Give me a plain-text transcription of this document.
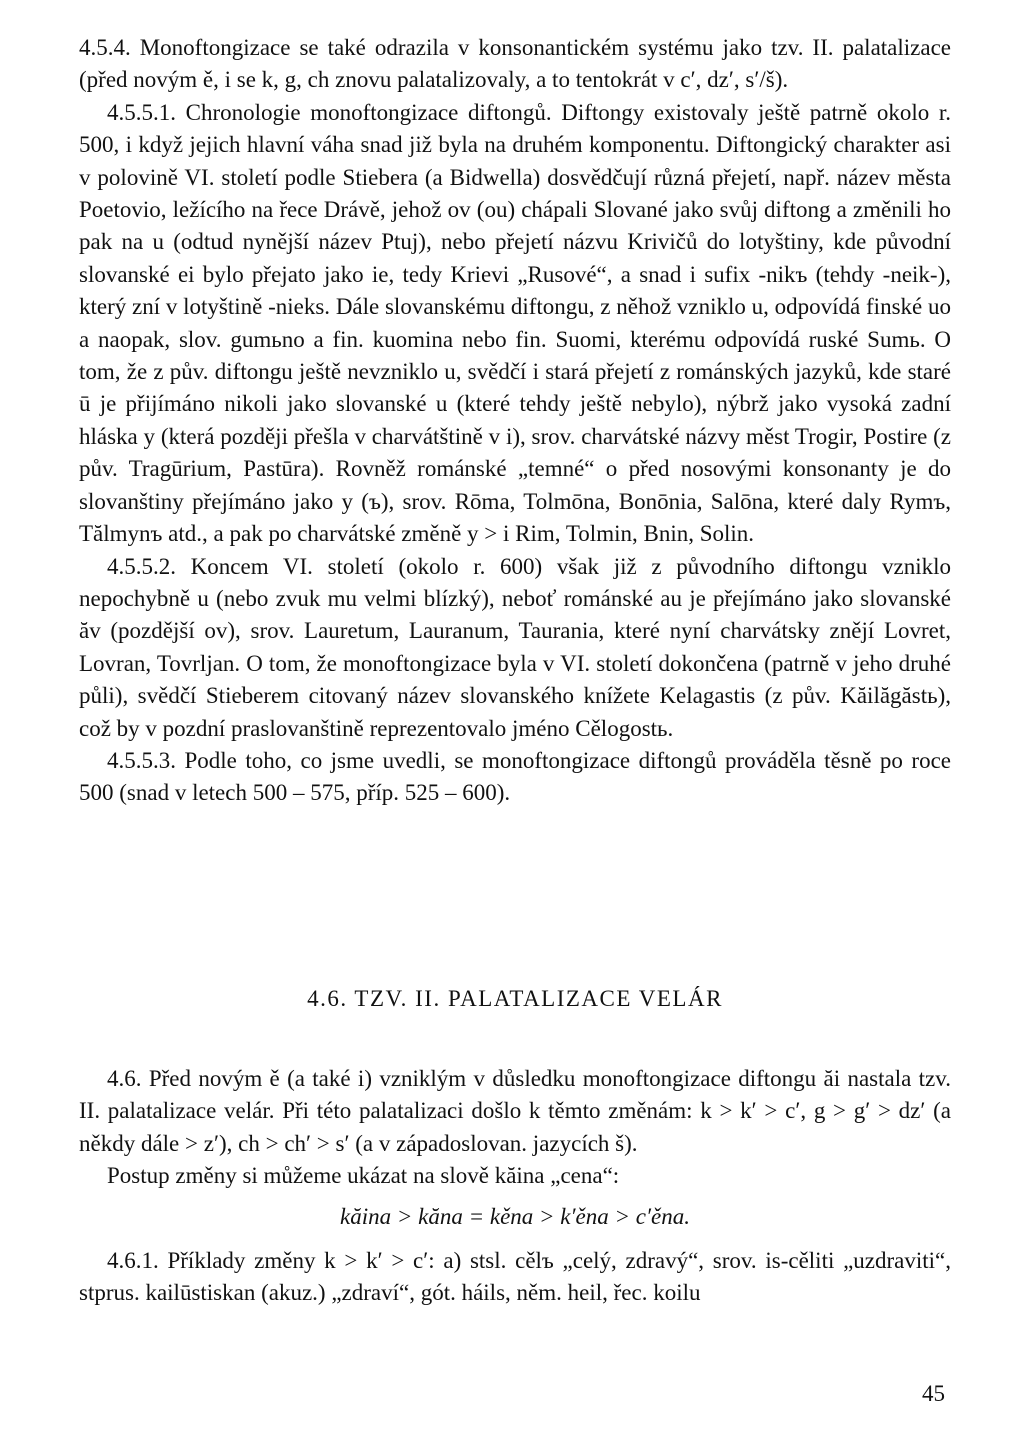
4.5.4. Monoftongizace se také odrazila v konsonantickém systému jako tzv. II. palatalizace (před novým ě, i se k, g, ch znovu palatalizovaly, a to tentokrát v c′, dz′, s′/š).

4.5.5.1. Chronologie monoftongizace diftongů. Diftongy existovaly ještě patrně okolo r. 500, i když jejich hlavní váha snad již byla na druhém komponentu. Diftongický charakter asi v polovině VI. století podle Stiebera (a Bidwella) dosvědčují různá přejetí, např. název města Poetovio, ležícího na řece Drávě, jehož ov (ou) chápali Slované jako svůj diftong a změnili ho pak na u (odtud nynější název Ptuj), nebo přejetí názvu Krivičů do lotyštiny, kde původní slovanské ei bylo přejato jako ie, tedy Krievi „Rusové“, a snad i sufix -nikъ (tehdy -neik-), který zní v lotyštině -nieks. Dále slovanskému diftongu, z něhož vzniklo u, odpovídá finské uo a naopak, slov. gumьno a fin. kuomina nebo fin. Suomi, kterému odpovídá ruské Sumь. O tom, že z pův. diftongu ještě nevzniklo u, svědčí i stará přejetí z románských jazyků, kde staré ū je přijímáno nikoli jako slovanské u (které tehdy ještě nebylo), nýbrž jako vysoká zadní hláska y (která později přešla v charvátštině v i), srov. charvátské názvy měst Trogir, Postire (z pův. Tragūrium, Pastūra). Rovněž románské „temné“ o před nosovými konsonanty je do slovanštiny přejímáno jako y (ъ), srov. Rōma, Tolmōna, Bonōnia, Salōna, které daly Rymъ, Tălmynъ atd., a pak po charvátské změně y > i Rim, Tolmin, Bnin, Solin.

4.5.5.2. Koncem VI. století (okolo r. 600) však již z původního diftongu vzniklo nepochybně u (nebo zvuk mu velmi blízký), neboť románské au je přejímáno jako slovanské ăv (pozdější ov), srov. Lauretum, Lauranum, Taurania, které nyní charvátsky znějí Lovret, Lovran, Tovrljan. O tom, že monoftongizace byla v VI. století dokončena (patrně v jeho druhé půli), svědčí Stieberem citovaný název slovanského knížete Kelagastis (z pův. Kăilăgăstь), což by v pozdní praslovanštině reprezentovalo jméno Cělogostь.

4.5.5.3. Podle toho, co jsme uvedli, se monoftongizace diftongů prováděla těsně po roce 500 (snad v letech 500 – 575, příp. 525 – 600).

4.6. TZV. II. PALATALIZACE VELÁR

4.6. Před novým ě (a také i) vzniklým v důsledku monoftongizace diftongu ăi nastala tzv. II. palatalizace velár. Při této palatalizaci došlo k těmto změnám: k > k′ > c′, g > g′ > dz′ (a někdy dále > z′), ch > ch′ > s′ (a v západoslovan. jazycích š).

Postup změny si můžeme ukázat na slově kăina „cena“:

kăina > kăna = kěna > k′ěna > c′ěna.

4.6.1. Příklady změny k > k′ > c′: a) stsl. cělъ „celý, zdravý“, srov. is-cěliti „uzdraviti“, stprus. kailūstiskan (akuz.) „zdraví“, gót. háils, něm. heil, řec. koilu

45
